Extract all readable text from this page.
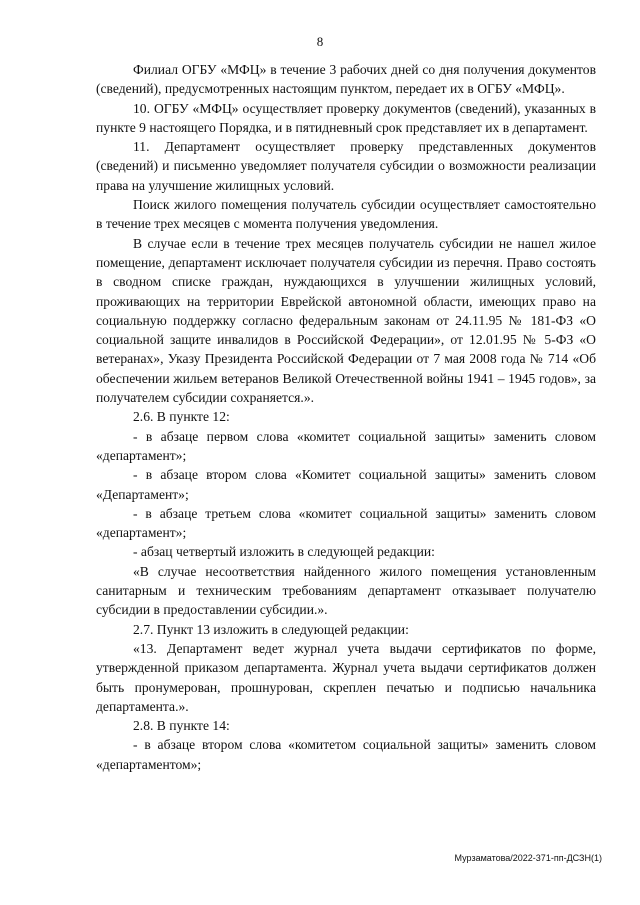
8

Филиал ОГБУ «МФЦ» в течение 3 рабочих дней со дня получения документов (сведений), предусмотренных настоящим пунктом, передает их в ОГБУ «МФЦ».

10. ОГБУ «МФЦ» осуществляет проверку документов (сведений), указанных в пункте 9 настоящего Порядка, и в пятидневный срок представляет их в департамент.

11. Департамент осуществляет проверку представленных документов (сведений) и письменно уведомляет получателя субсидии о возможности реализации права на улучшение жилищных условий.

Поиск жилого помещения получатель субсидии осуществляет самостоятельно в течение трех месяцев с момента получения уведомления.

В случае если в течение трех месяцев получатель субсидии не нашел жилое помещение, департамент исключает получателя субсидии из перечня. Право состоять в сводном списке граждан, нуждающихся в улучшении жилищных условий, проживающих на территории Еврейской автономной области, имеющих право на социальную поддержку согласно федеральным законам от 24.11.95 № 181-ФЗ «О социальной защите инвалидов в Российской Федерации», от 12.01.95 № 5-ФЗ «О ветеранах», Указу Президента Российской Федерации от 7 мая 2008 года № 714 «Об обеспечении жильем ветеранов Великой Отечественной войны 1941 – 1945 годов», за получателем субсидии сохраняется.».

2.6. В пункте 12:

- в абзаце первом слова «комитет социальной защиты» заменить словом «департамент»;

- в абзаце втором слова «Комитет социальной защиты» заменить словом «Департамент»;

- в абзаце третьем слова «комитет социальной защиты» заменить словом «департамент»;

- абзац четвертый изложить в следующей редакции:

«В случае несоответствия найденного жилого помещения установленным санитарным и техническим требованиям департамент отказывает получателю субсидии в предоставлении субсидии.».

2.7. Пункт 13 изложить в следующей редакции:

«13. Департамент ведет журнал учета выдачи сертификатов по форме, утвержденной приказом департамента. Журнал учета выдачи сертификатов должен быть пронумерован, прошнурован, скреплен печатью и подписью начальника департамента.».

2.8. В пункте 14:

- в абзаце втором слова «комитетом социальной защиты» заменить словом «департаментом»;

Мурзаматова/2022-371-пп-ДСЗН(1)
